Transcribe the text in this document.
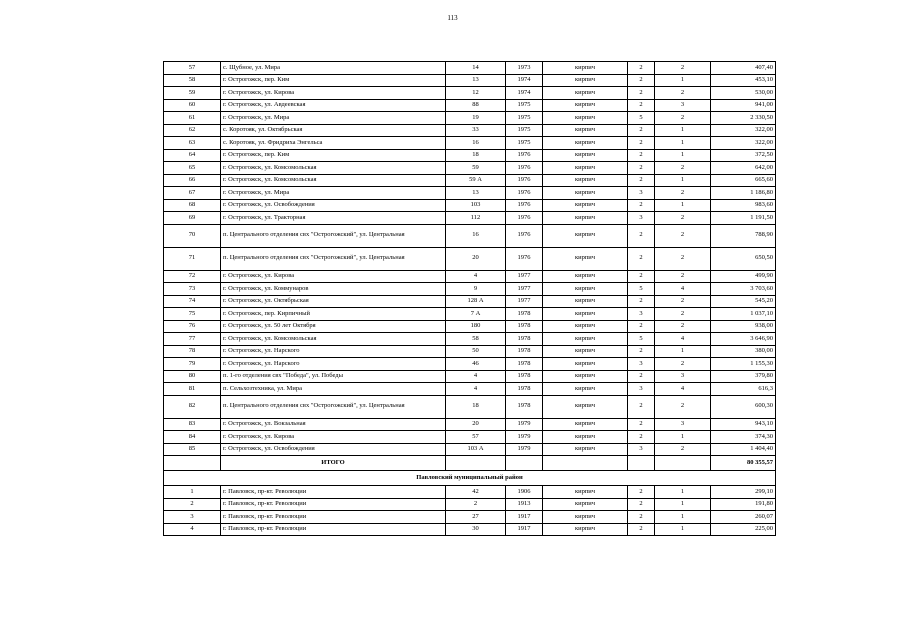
113
57	с. Щубное, ул. Мира	14	1973	кирпич	2	2	407,40
58	г. Острогожск, пер. Ким	13	1974	кирпич	2	1	453,10
59	г. Острогожск, ул. Кирова	12	1974	кирпич	2	2	530,00
60	г. Острогожск, ул. Авдеевская	88	1975	кирпич	2	3	941,00
61	г. Острогожск, ул. Мира	19	1975	кирпич	5	2	2 330,50
62	с. Коротояк, ул. Октябрьская	33	1975	кирпич	2	1	322,00
63	с. Коротояк, ул. Фридриха Энгельса	16	1975	кирпич	2	1	322,00
64	г. Острогожск, пер. Ким	18	1976	кирпич	2	1	372,50
65	г. Острогожск, ул. Комсомольская	59	1976	кирпич	2	2	642,00
66	г. Острогожск, ул. Комсомольская	59 А	1976	кирпич	2	1	665,60
67	г. Острогожск, ул. Мира	13	1976	кирпич	3	2	1 186,80
68	г. Острогожск, ул. Освобождения	103	1976	кирпич	2	1	983,60
69	г. Острогожск, ул. Тракторная	112	1976	кирпич	3	2	1 191,50
70	п. Центрального отделения свх "Острогожский", ул. Центральная	16	1976	кирпич	2	2	788,90
71	п. Центрального отделения свх "Острогожский", ул. Центральная	20	1976	кирпич	2	2	650,50
72	г. Острогожск, ул. Кирова	4	1977	кирпич	2	2	499,90
73	г. Острогожск, ул. Коммунаров	9	1977	кирпич	5	4	3 703,60
74	г. Острогожск, ул. Октябрьская	128 А	1977	кирпич	2	2	545,20
75	г. Острогожск, пер. Кирпичный	7 А	1978	кирпич	3	2	1 037,10
76	г. Острогожск, ул. 50 лет Октября	180	1978	кирпич	2	2	938,00
77	г. Острогожск, ул. Комсомольская	58	1978	кирпич	5	4	3 646,90
78	г. Острогожск, ул. Нарского	50	1978	кирпич	2	1	380,00
79	г. Острогожск, ул. Нарского	46	1978	кирпич	3	2	1 155,30
80	п. 1-го отделения свх "Победа", ул. Победы	4	1978	кирпич	2	3	379,80
81	п. Сельхозтехника, ул. Мира	4	1978	кирпич	3	4	616,3
82	п. Центрального отделения свх "Острогожский", ул. Центральная	18	1978	кирпич	2	2	600,30
83	г. Острогожск, ул. Вокзальная	20	1979	кирпич	2	3	943,10
84	г. Острогожск, ул. Кирова	57	1979	кирпич	2	1	374,30
85	г. Острогожск, ул. Освобождения	103 А	1979	кирпич	3	2	1 404,40
	ИТОГО						80 355,57
Павловский муниципальный район							
1	г. Павловск, пр-кт. Революции	42	1906	кирпич	2	1	299,10
2	г. Павловск, пр-кт. Революции	2	1913	кирпич	2	1	191,80
3	г. Павловск, пр-кт. Революции	27	1917	кирпич	2	1	260,07
4	г. Павловск, пр-кт. Революции	30	1917	кирпич	2	1	225,00
